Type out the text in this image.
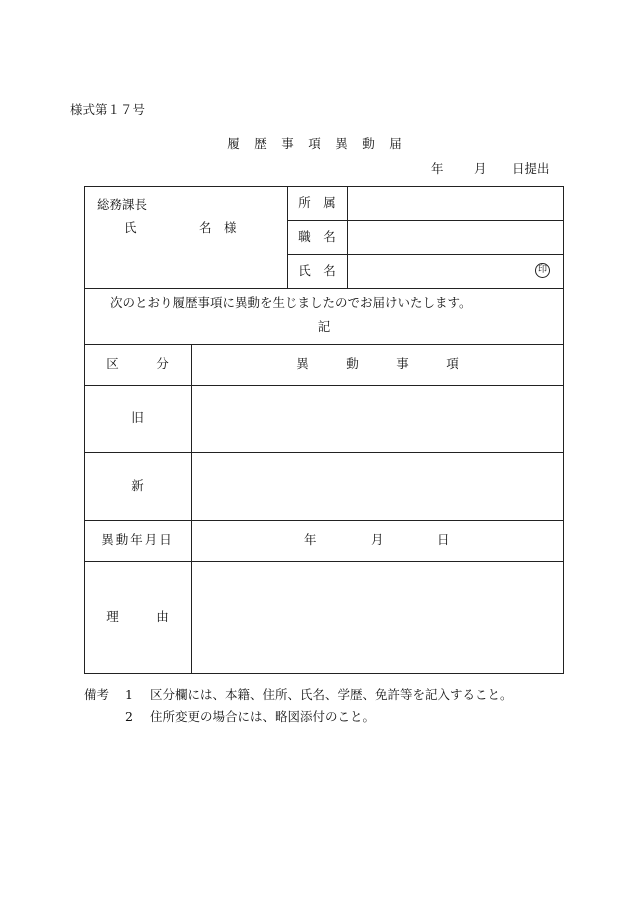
様式第１７号
履　歴　事　項　異　動　届
年 月 日提出
総務課長
氏　　　　　名　様
所　属
職　名
氏　名	印
次のとおり履歴事項に異動を生じましたのでお届けいたします。
記
区　　　分	異　　　動　　　事　　　項
旧
新
異動年月日	年	月	日
理　　　由
備考 1 区分欄には、本籍、住所、氏名、学歴、免許等を記入すること。
2 住所変更の場合には、略図添付のこと。
